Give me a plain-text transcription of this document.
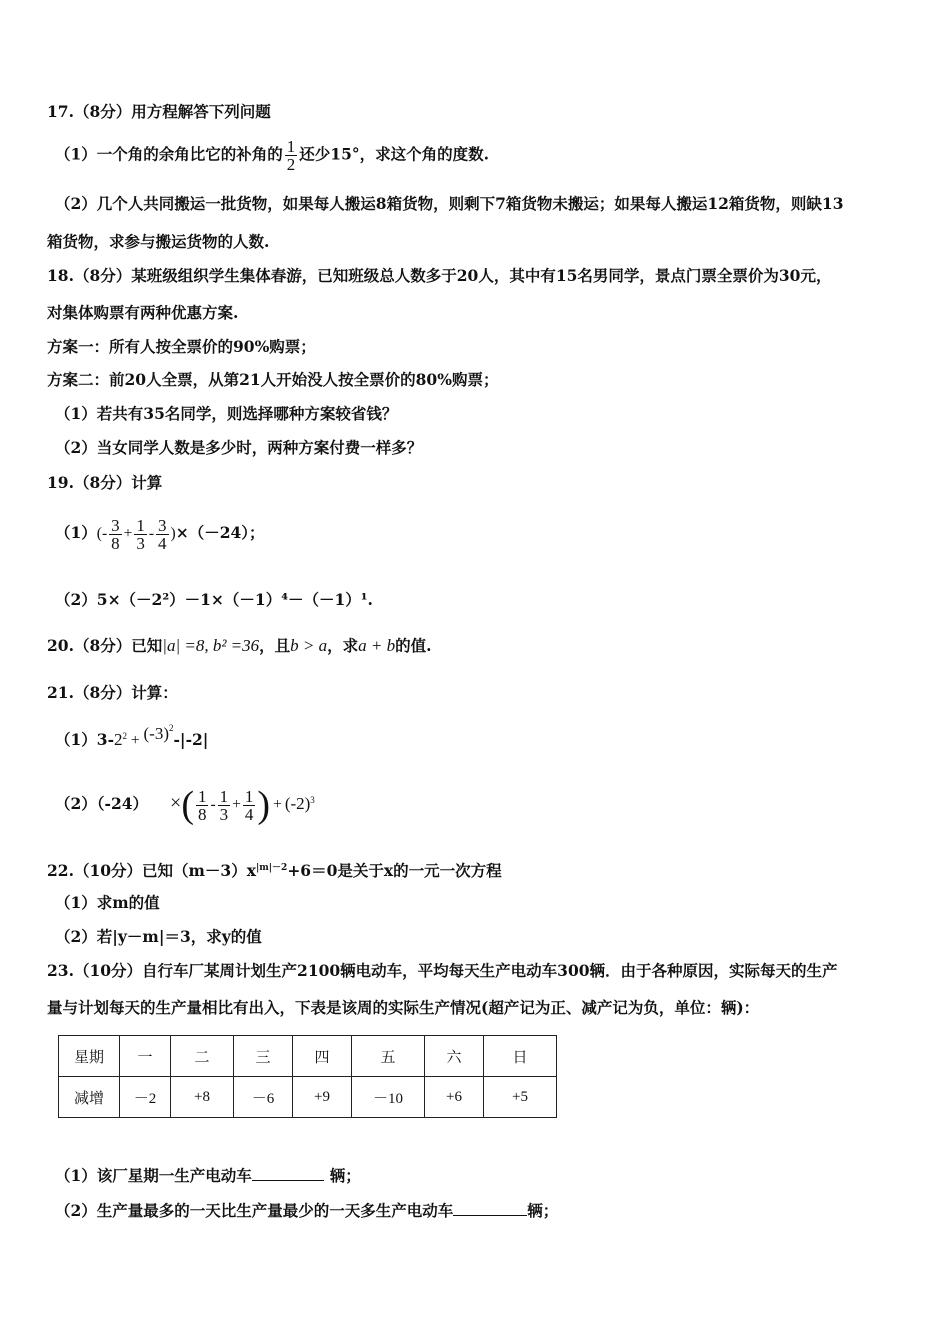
17.（8分）用方程解答下列问题
（1）一个角的余角比它的补角的 $\frac{1}{2}$ 还少15°，求这个角的度数.
（2）几个人共同搬运一批货物，如果每人搬运8箱货物，则剩下7箱货物未搬运；如果每人搬运12箱货物，则缺13
箱货物，求参与搬运货物的人数.
18.（8分）某班级组织学生集体春游，已知班级总人数多于20人，其中有15名男同学，景点门票全票价为30元，
对集体购票有两种优惠方案.
方案一：所有人按全票价的90%购票；
方案二：前20人全票，从第21人开始没人按全票价的80%购票；
（1）若共有35名同学，则选择哪种方案较省钱？
（2）当女同学人数是多少时，两种方案付费一样多？
19.（8分）计算
$(1)(- \frac{3}{8} + \frac{1}{3} - \frac{3}{4} )\times(-24)$；
（2）5×（－2²）－1×（－1）⁴－（－1）¹.
20.（8分）已知|a| =8, b² =36，且b > a，求a + b的值.
21.（8分）计算：
$(1)3-2^2 + (-3)^2-|-2|$
（2）（-24） ×( $\frac{1}{8} - \frac{1}{3} + \frac{1}{4}$ ) + $(-2)^3$
22.（10分）已知$(m-3)x^{|m|-2}+6=0$是关于x的一元一次方程
（1）求m的值
（2）若|y－m|＝3，求y的值
23.（10分）自行车厂某周计划生产2100辆电动车，平均每天生产电动车300辆．由于各种原因，实际每天的生产
量与计划每天的生产量相比有出入，下表是该周的实际生产情况(超产记为正、减产记为负，单位：辆)：
星期	一	二	三	四	五	六	日
减增	－2	+8	－6	+9	－10	+6	+5
（1）该厂星期一生产电动车	辆；
（2）生产量最多的一天比生产量最少的一天多生产电动车	辆；
